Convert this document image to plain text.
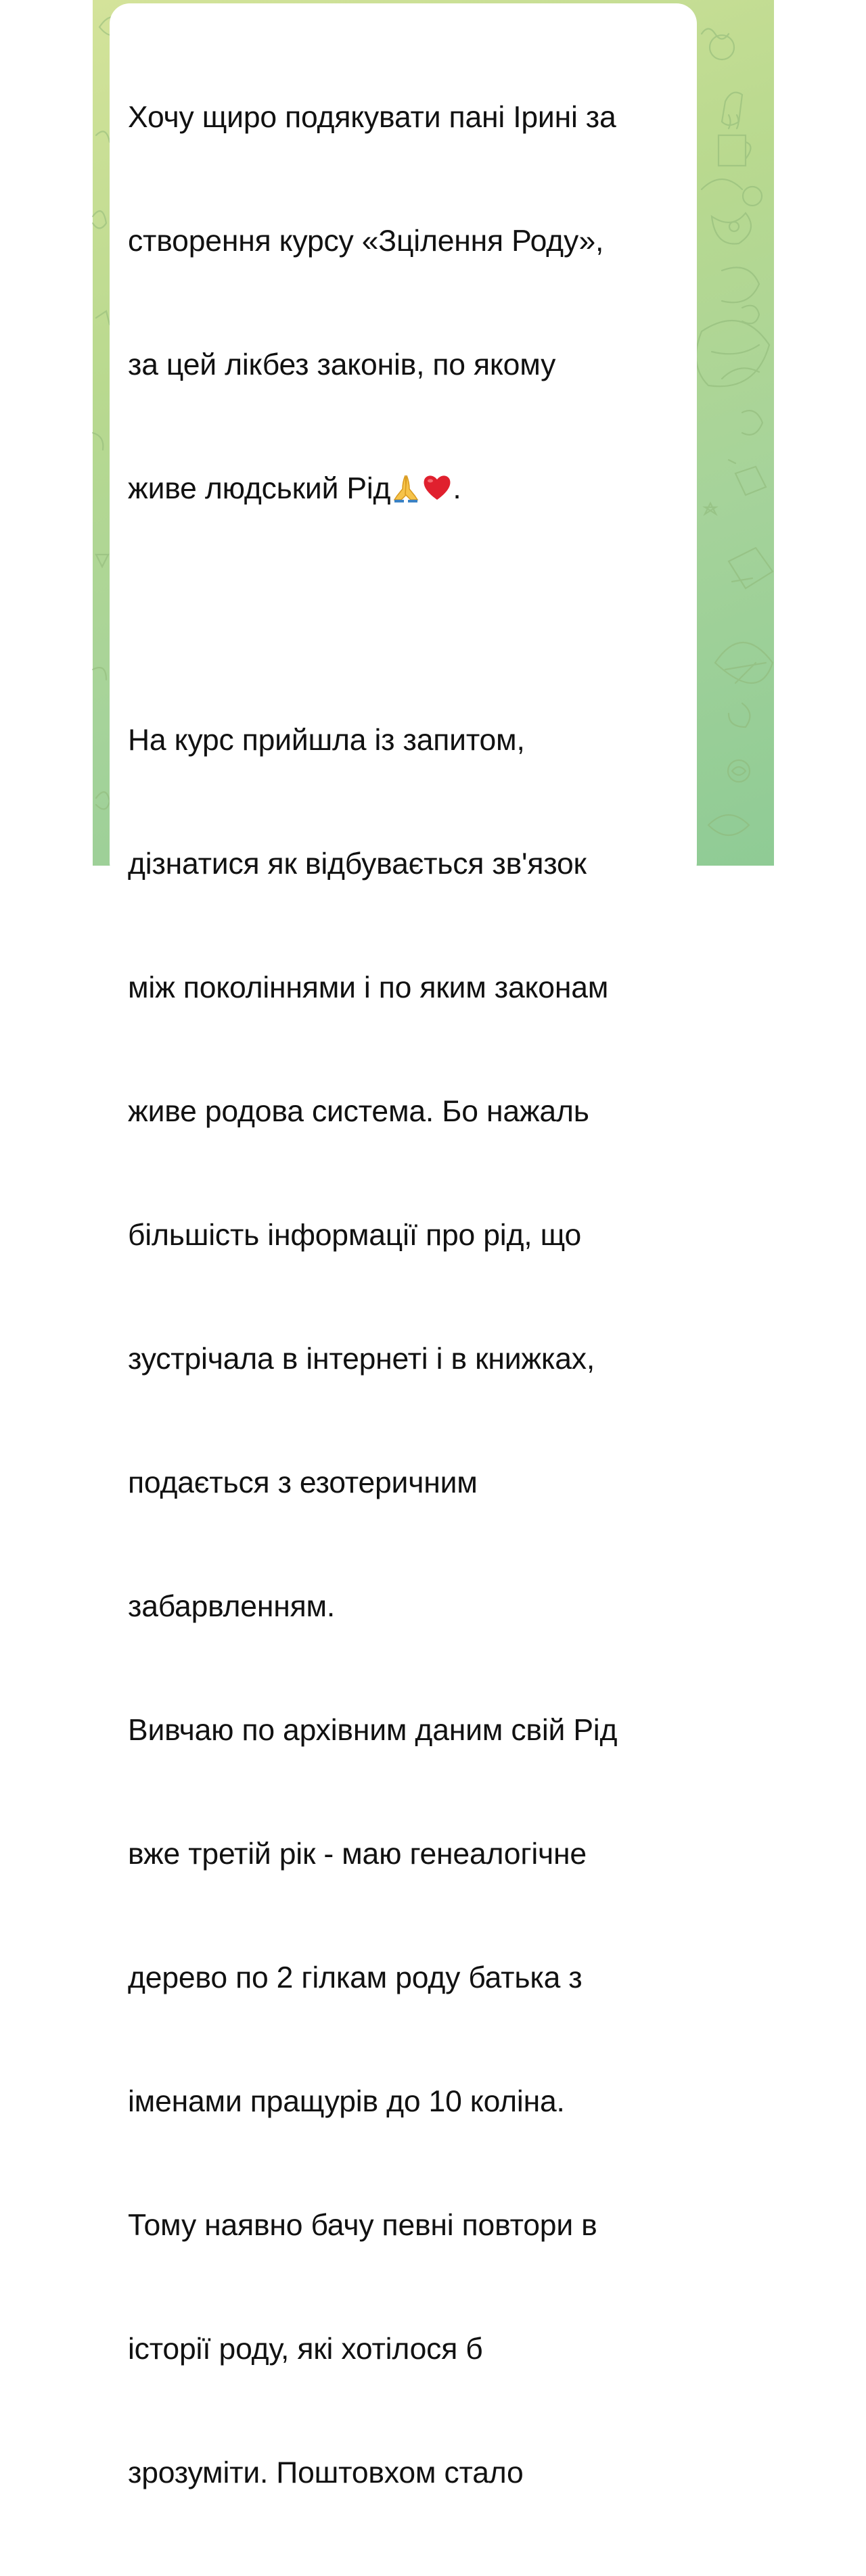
Хочу щиро подякувати пані Ірині за

створення курсу «Зцілення Роду»,

за цей лікбез законів, по якому

живе людський Рід .

На курс прийшла із запитом,

дізнатися як відбувається зв'язок

між поколіннями і по яким законам

живе родова система. Бо нажаль

більшість інформації про рід, що

зустрічала в інтернеті і в книжках,

подається з езотеричним

забарвленням.

Вивчаю по архівним даним свій Рід

вже третій рік - маю генеалогічне

дерево по 2 гілкам роду батька з

іменами пращурів до 10 коліна.

Тому наявно бачу певні повтори в

історії роду, які хотілося б

зрозуміти. Поштовхом стало
